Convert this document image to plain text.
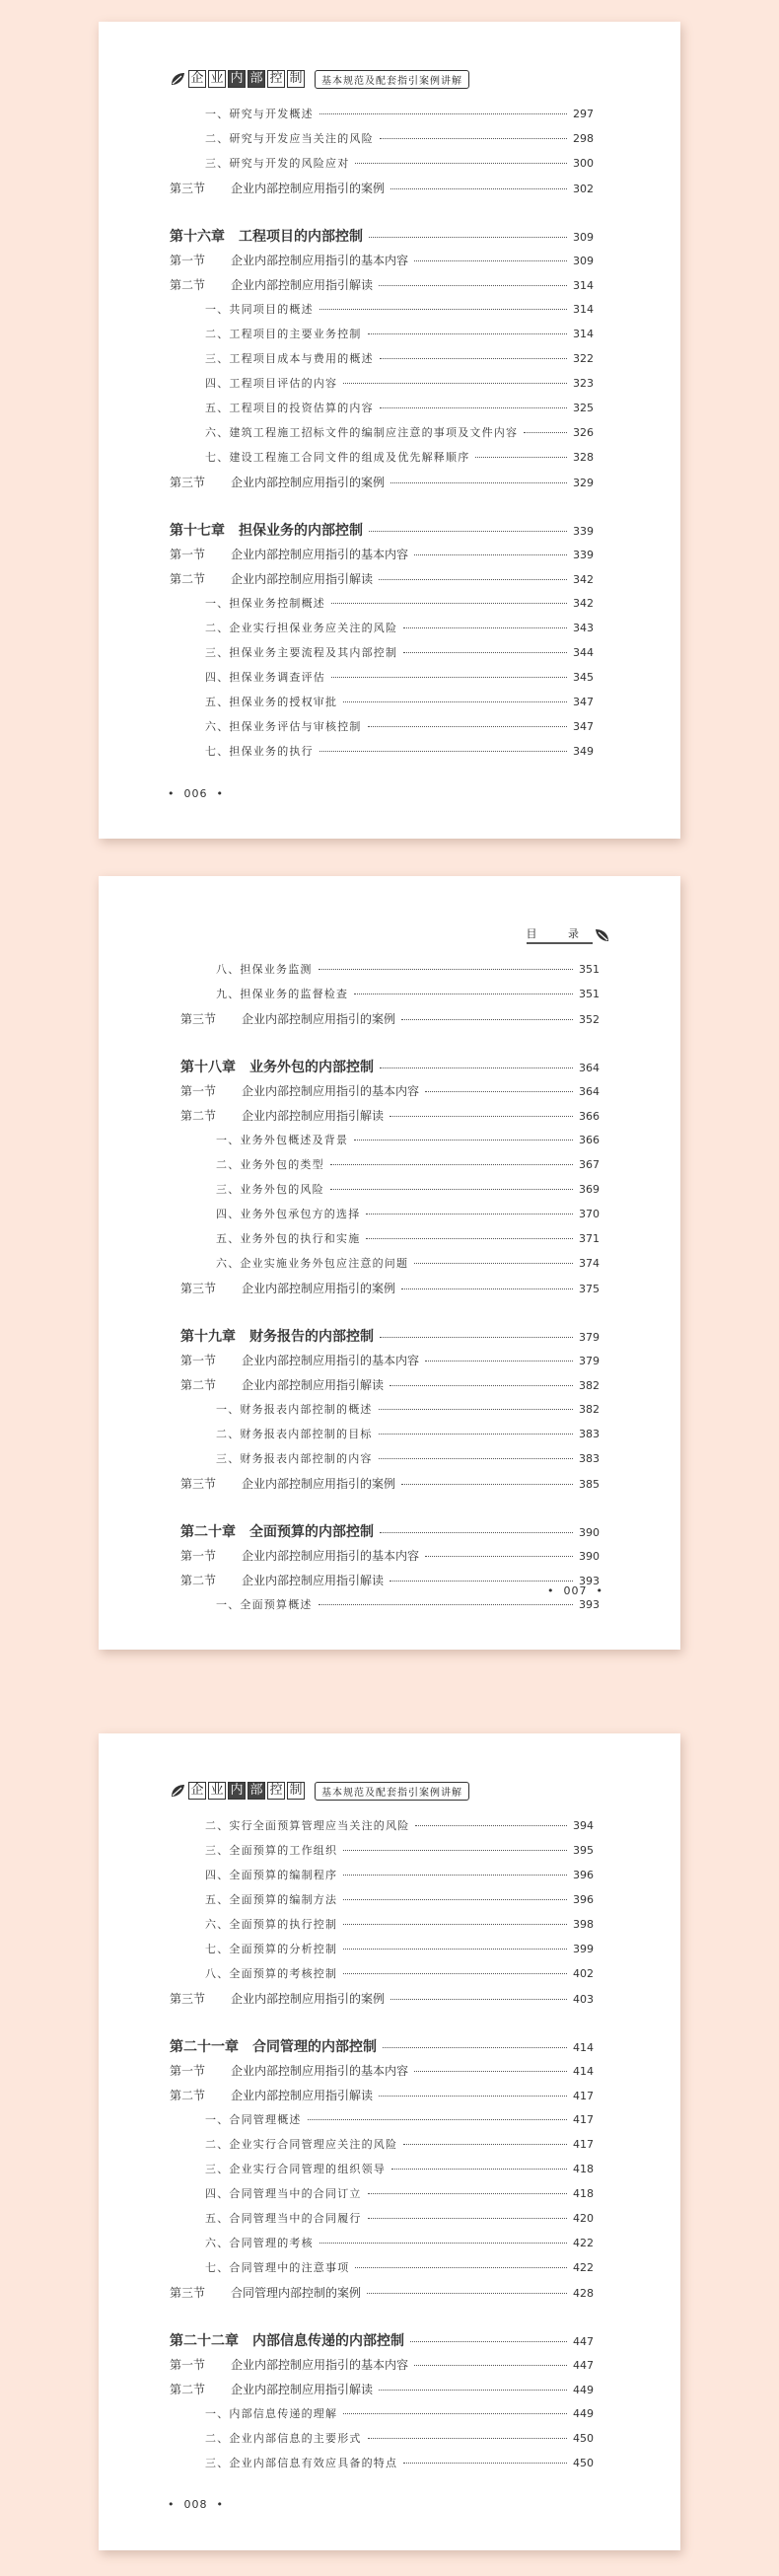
企 业 内 部 控 制	基本规范及配套指引案例讲解
一、研究与开发概述	297
二、研究与开发应当关注的风险	298
三、研究与开发的风险应对	300
第三节	企业内部控制应用指引的案例	302
第十六章　工程项目的内部控制	309
第一节	企业内部控制应用指引的基本内容	309
第二节	企业内部控制应用指引解读	314
一、共同项目的概述	314
二、工程项目的主要业务控制	314
三、工程项目成本与费用的概述	322
四、工程项目评估的内容	323
五、工程项目的投资估算的内容	325
六、建筑工程施工招标文件的编制应注意的事项及文件内容	326
七、建设工程施工合同文件的组成及优先解释顺序	328
第三节	企业内部控制应用指引的案例	329
第十七章　担保业务的内部控制	339
第一节	企业内部控制应用指引的基本内容	339
第二节	企业内部控制应用指引解读	342
一、担保业务控制概述	342
二、企业实行担保业务应关注的风险	343
三、担保业务主要流程及其内部控制	344
四、担保业务调查评估	345
五、担保业务的授权审批	347
六、担保业务评估与审核控制	347
七、担保业务的执行	349
•  006  •
目 录
八、担保业务监测	351
九、担保业务的监督检查	351
第三节	企业内部控制应用指引的案例	352
第十八章　业务外包的内部控制	364
第一节	企业内部控制应用指引的基本内容	364
第二节	企业内部控制应用指引解读	366
一、业务外包概述及背景	366
二、业务外包的类型	367
三、业务外包的风险	369
四、业务外包承包方的选择	370
五、业务外包的执行和实施	371
六、企业实施业务外包应注意的问题	374
第三节	企业内部控制应用指引的案例	375
第十九章　财务报告的内部控制	379
第一节	企业内部控制应用指引的基本内容	379
第二节	企业内部控制应用指引解读	382
一、财务报表内部控制的概述	382
二、财务报表内部控制的目标	383
三、财务报表内部控制的内容	383
第三节	企业内部控制应用指引的案例	385
第二十章　全面预算的内部控制	390
第一节	企业内部控制应用指引的基本内容	390
第二节	企业内部控制应用指引解读	393
一、全面预算概述	393
•  007  •
企 业 内 部 控 制	基本规范及配套指引案例讲解
二、实行全面预算管理应当关注的风险	394
三、全面预算的工作组织	395
四、全面预算的编制程序	396
五、全面预算的编制方法	396
六、全面预算的执行控制	398
七、全面预算的分析控制	399
八、全面预算的考核控制	402
第三节	企业内部控制应用指引的案例	403
第二十一章　合同管理的内部控制	414
第一节	企业内部控制应用指引的基本内容	414
第二节	企业内部控制应用指引解读	417
一、合同管理概述	417
二、企业实行合同管理应关注的风险	417
三、企业实行合同管理的组织领导	418
四、合同管理当中的合同订立	418
五、合同管理当中的合同履行	420
六、合同管理的考核	422
七、合同管理中的注意事项	422
第三节	合同管理内部控制的案例	428
第二十二章　内部信息传递的内部控制	447
第一节	企业内部控制应用指引的基本内容	447
第二节	企业内部控制应用指引解读	449
一、内部信息传递的理解	449
二、企业内部信息的主要形式	450
三、企业内部信息有效应具备的特点	450
•  008  •
